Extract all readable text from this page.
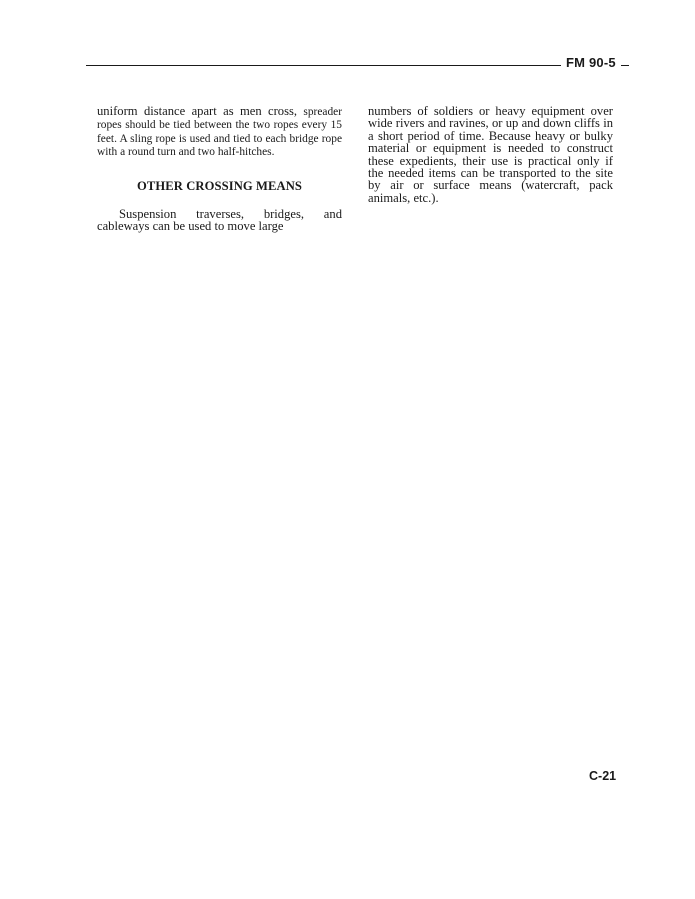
FM 90-5

uniform distance apart as men cross, spreader ropes should be tied between the two ropes every 15 feet. A sling rope is used and tied to each bridge rope with a round turn and two half-hitches.

OTHER CROSSING MEANS

Suspension traverses, bridges, and cableways can be used to move large

numbers of soldiers or heavy equipment over wide rivers and ravines, or up and down cliffs in a short period of time. Because heavy or bulky material or equipment is needed to construct these expedients, their use is practical only if the needed items can be transported to the site by air or surface means (watercraft, pack animals, etc.).

C-21
